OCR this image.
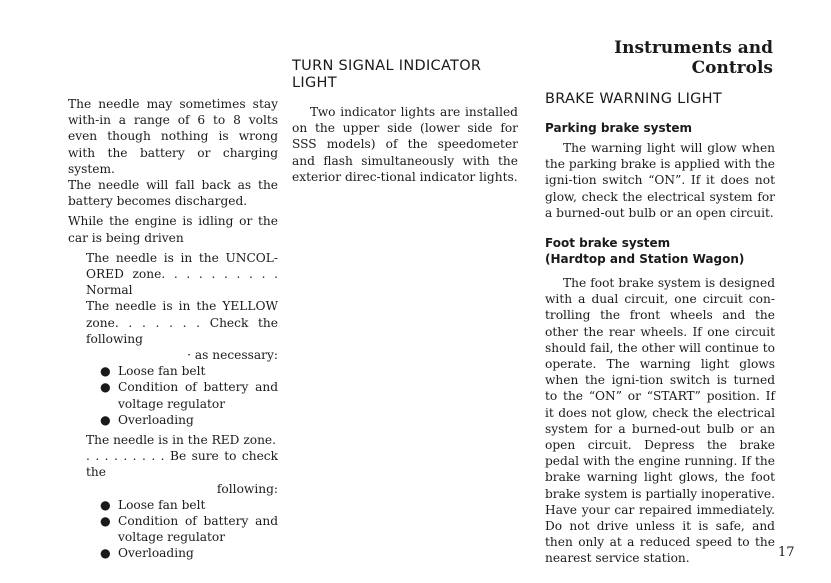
The needle may sometimes stay with-in a range of 6 to 8 volts even though nothing is wrong with the battery or charging system.

The needle will fall back as the battery becomes discharged.

While the engine is idling or the car is being driven

The needle is in the UNCOL-ORED zone. . . . . . . . . . Normal

The needle is in the YELLOW zone. . . . . . . Check the following

· as necessary:

● Loose fan belt
● Condition of battery and voltage regulator
● Overloading

The needle is in the RED zone.

. . . . . . . . . Be sure to check the

following:

● Loose fan belt
● Condition of battery and voltage regulator
● Overloading
TURN SIGNAL INDICATOR LIGHT

Two indicator lights are installed on the upper side (lower side for SSS models) of the speedometer and flash simultaneously with the exterior direc-tional indicator lights.

Instruments and Controls
BRAKE WARNING LIGHT
Parking brake system

The warning light will glow when the parking brake is applied with the igni-tion switch “ON”. If it does not glow, check the electrical system for a burned-out bulb or an open circuit.

Foot brake system
(Hardtop and Station Wagon)

The foot brake system is designed with a dual circuit, one circuit con-trolling the front wheels and the other the rear wheels. If one circuit should fail, the other will continue to operate. The warning light glows when the igni-tion switch is turned to the “ON” or “START” position. If it does not glow, check the electrical system for a burned-out bulb or an open circuit. Depress the brake pedal with the engine running. If the brake warning light glows, the foot brake system is partially inoperative. Have your car repaired immediately. Do not drive unless it is safe, and then only at a reduced speed to the nearest service station.	17
